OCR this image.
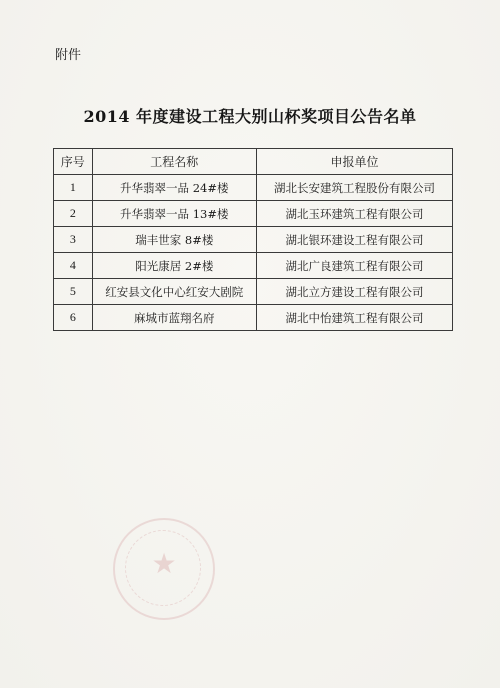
附件
2014 年度建设工程大别山杯奖项目公告名单
序号	工程名称	申报单位
1	升华翡翠一品 24#楼	湖北长安建筑工程股份有限公司
2	升华翡翠一品 13#楼	湖北玉环建筑工程有限公司
3	瑞丰世家 8#楼	湖北银环建设工程有限公司
4	阳光康居 2#楼	湖北广良建筑工程有限公司
5	红安县文化中心红安大剧院	湖北立方建设工程有限公司
6	麻城市蓝翔名府	湖北中怡建筑工程有限公司
★
